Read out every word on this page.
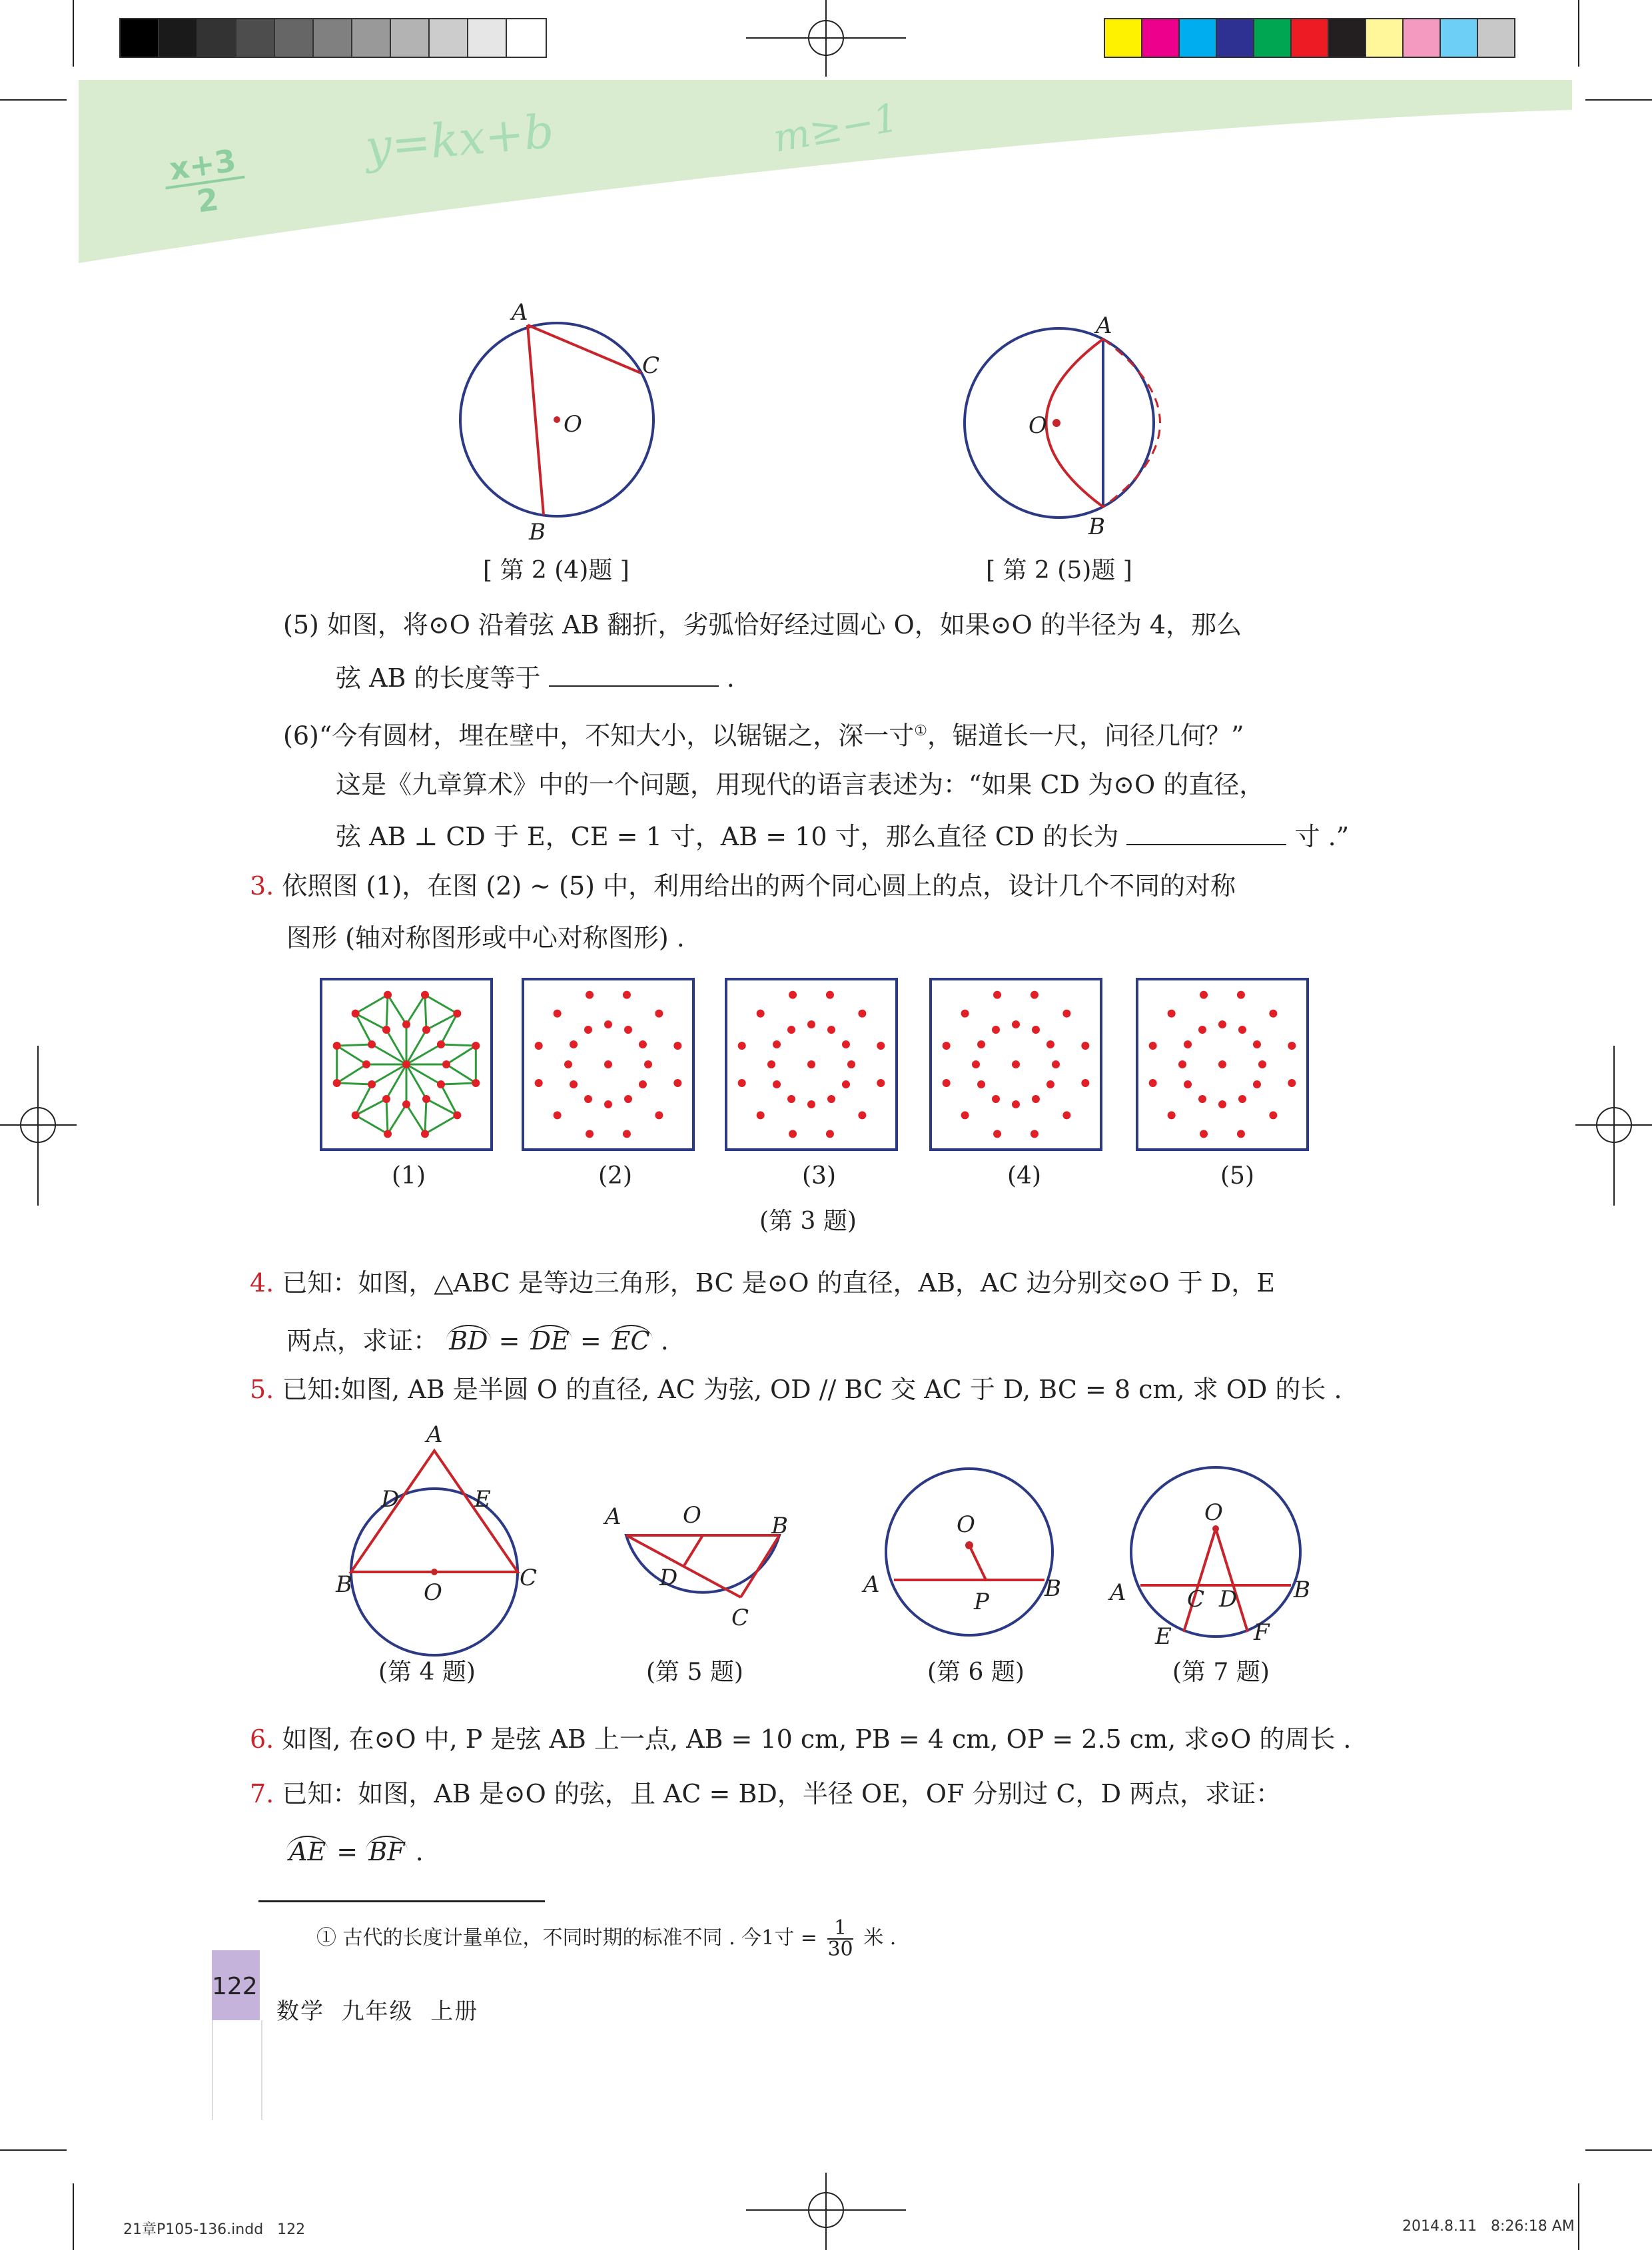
x+3
2
y=kx+b	m≥−1
A
C
O
B
[ 第 2 (4)题 ]
A
O
B
[ 第 2 (5)题 ]
(5) 如图，将⊙O 沿着弦 AB 翻折，劣弧恰好经过圆心 O，如果⊙O 的半径为 4，那么
弦 AB 的长度等于	.
(6)“今有圆材，埋在壁中，不知大小，以锯锯之，深一寸①，锯道长一尺，问径几何？”
这是《九章算术》中的一个问题，用现代的语言表述为：“如果 CD 为⊙O 的直径，
弦 AB ⊥ CD 于 E，CE = 1 寸，AB = 10 寸，那么直径 CD 的长为	寸 .”
3. 依照图 (1)，在图 (2) ~ (5) 中，利用给出的两个同心圆上的点，设计几个不同的对称
图形 (轴对称图形或中心对称图形) .
(1)	(2)	(3)	(4)	(5)
(第 3 题)
4. 已知：如图，△ABC 是等边三角形，BC 是⊙O 的直径，AB，AC 边分别交⊙O 于 D，E
两点，求证： BD = DE = EC .
5. 已知:如图, AB 是半圆 O 的直径, AC 为弦, OD // BC 交 AC 于 D, BC = 8 cm, 求 OD 的长 .
A
D	E
B	O
C
(第 4 题)
A	O	B
D
C
(第 5 题)
O
A
P B
(第 6 题)
O
A	C D B
E	F
(第 7 题)
6. 如图, 在⊙O 中, P 是弦 AB 上一点, AB = 10 cm, PB = 4 cm, OP = 2.5 cm, 求⊙O 的周长 .
7. 已知：如图，AB 是⊙O 的弦，且 AC = BD，半径 OE，OF 分别过 C，D 两点，求证：
AE = BF .
① 古代的长度计量单位，不同时期的标准不同 . 今1寸 = $\frac{1}{30}$ 米 .
122
数学  九年级  上册
21章P105-136.indd   122	2014.8.11   8:26:18 AM
